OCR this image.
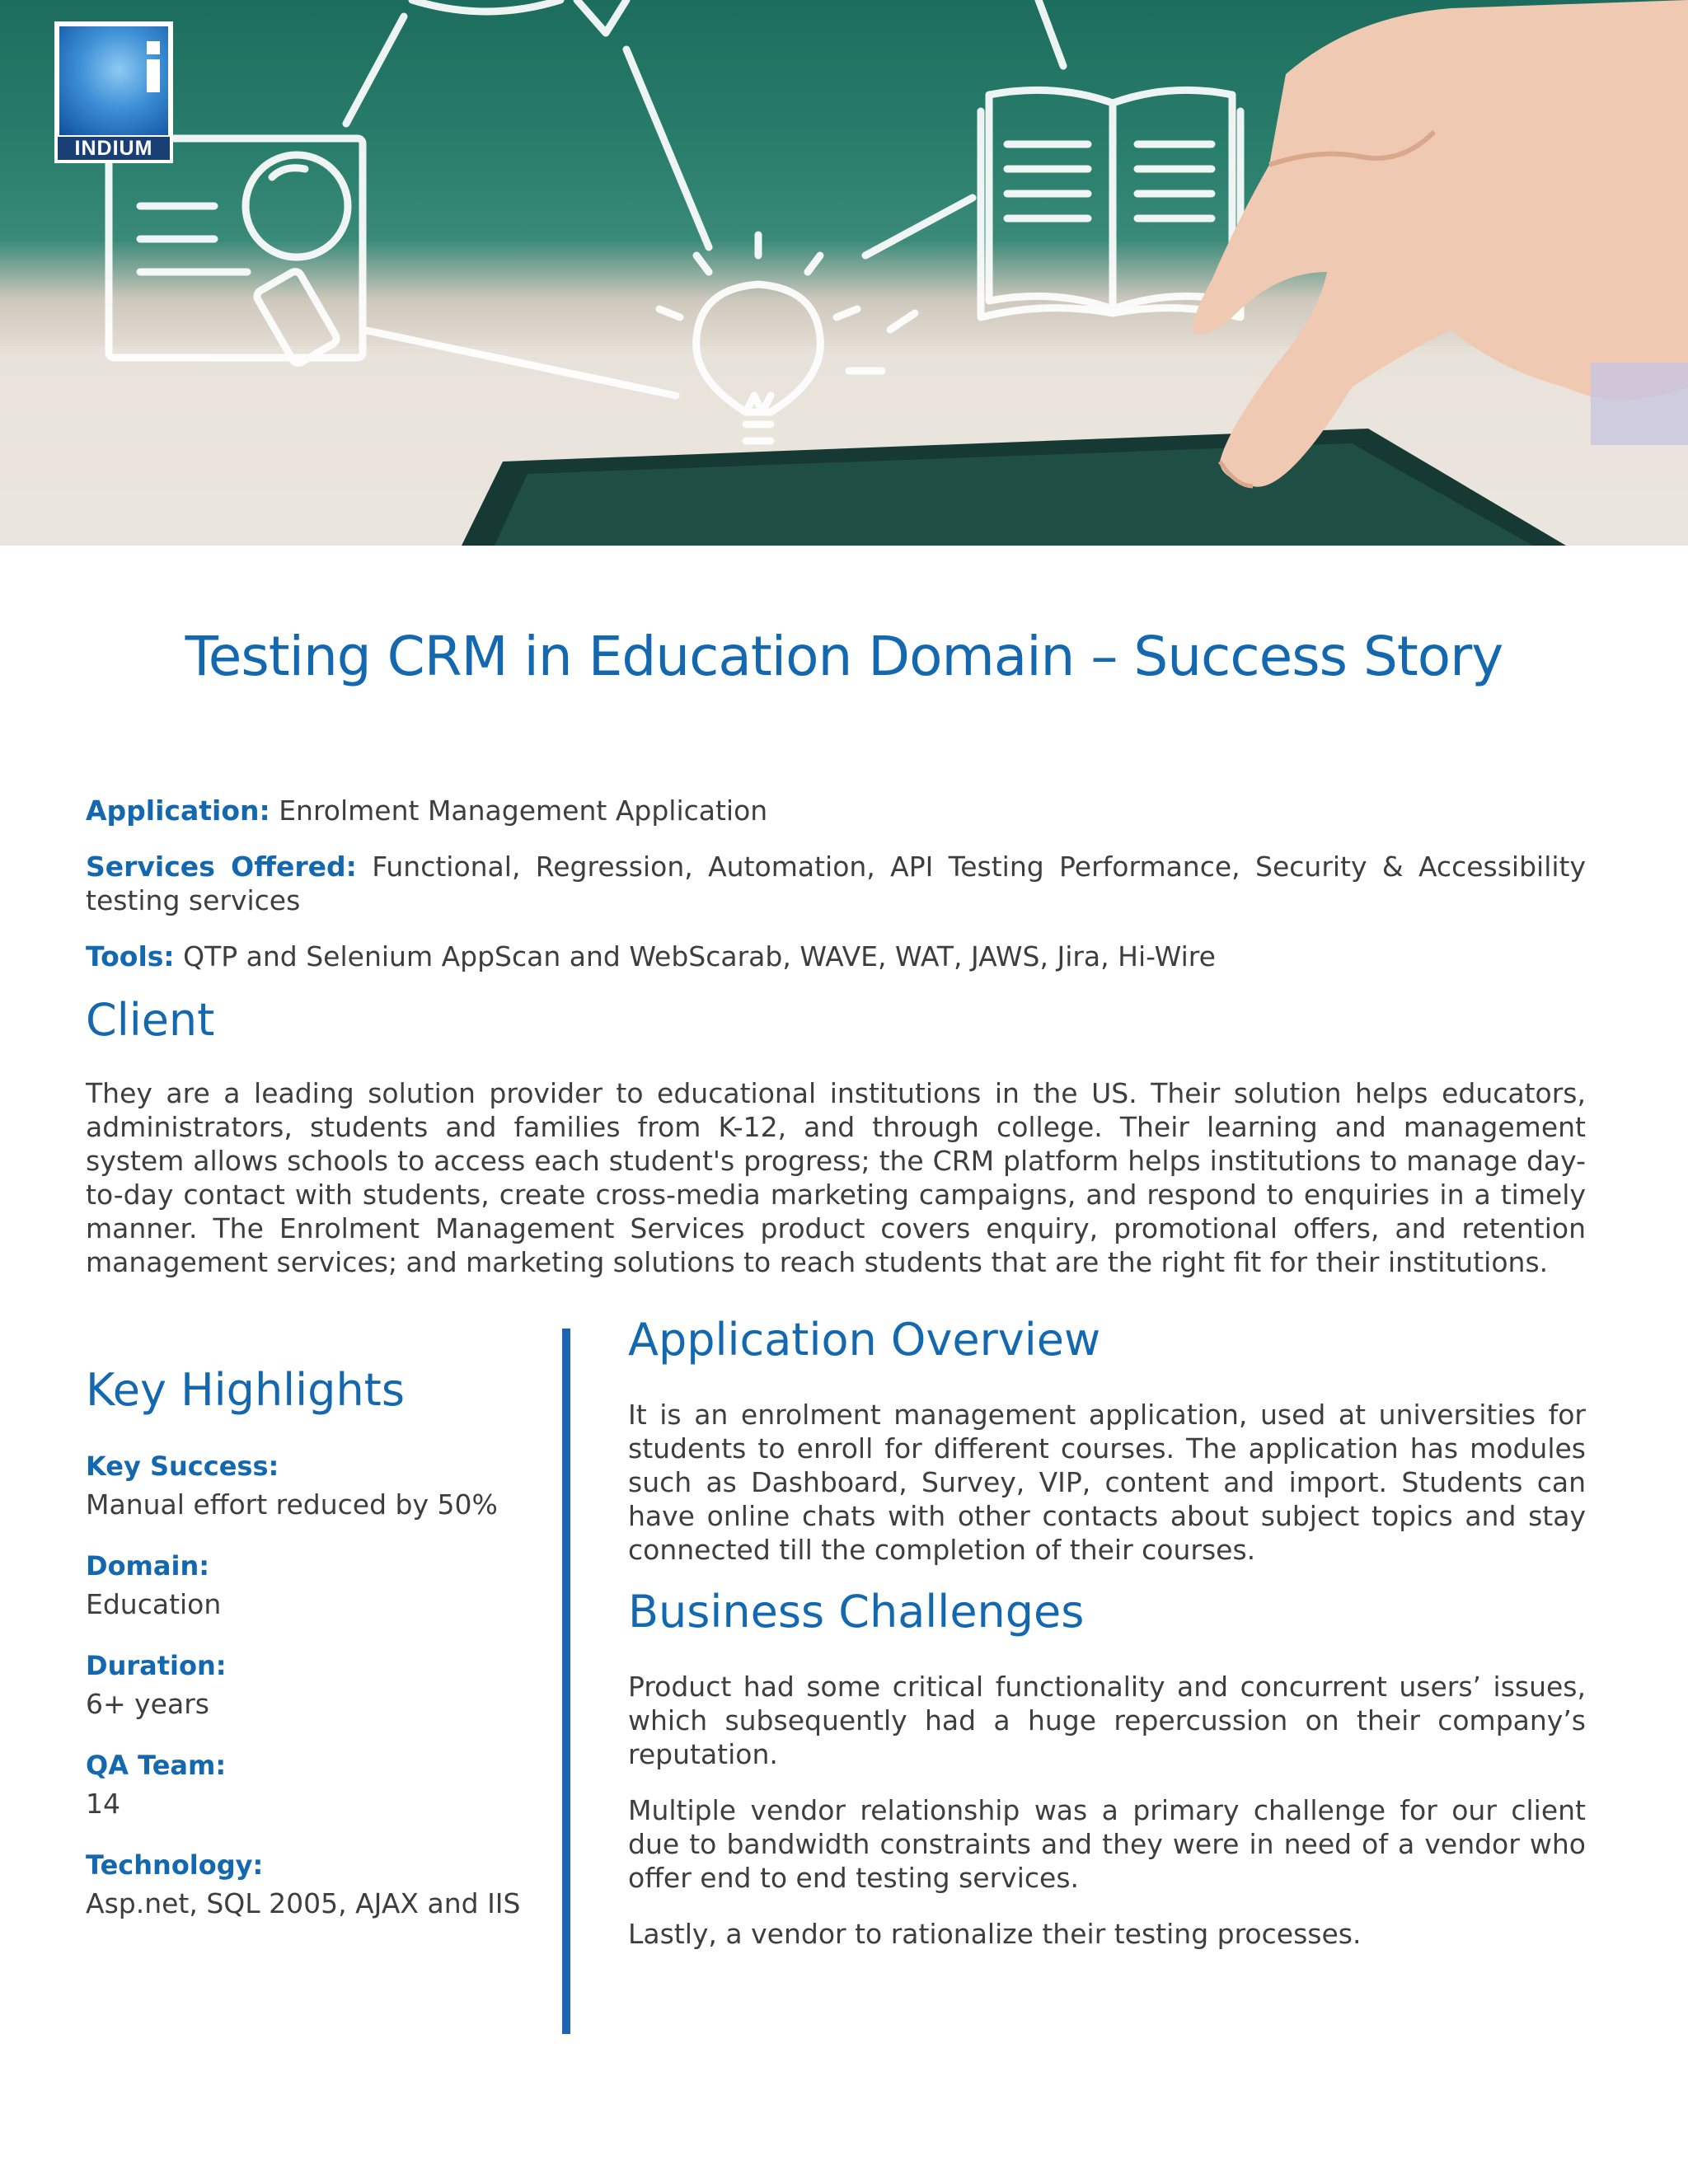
INDIUM
Testing CRM in Education Domain – Success Story
Application: Enrolment Management Application
Services Offered: Functional, Regression, Automation, API Testing Performance, Security & Accessibility testing services
Tools: QTP and Selenium AppScan and WebScarab, WAVE, WAT, JAWS, Jira, Hi-Wire
Client
They are a leading solution provider to educational institutions in the US. Their solution helps educators, administrators, students and families from K-12, and through college. Their learning and management system allows schools to access each student's progress; the CRM platform helps institutions to manage day-to-day contact with students, create cross-media marketing campaigns, and respond to enquiries in a timely manner. The Enrolment Management Services product covers enquiry, promotional offers, and retention management services; and marketing solutions to reach students that are the right fit for their institutions.
Key Highlights
Key Success:
Manual effort reduced by 50%
Domain:
Education
Duration:
6+ years
QA Team:
14
Technology:
Asp.net, SQL 2005, AJAX and IIS
Application Overview
It is an enrolment management application, used at universities for students to enroll for different courses. The application has modules such as Dashboard, Survey, VIP, content and import. Students can have online chats with other contacts about subject topics and stay connected till the completion of their courses.
Business Challenges
Product had some critical functionality and concurrent users’ issues, which subsequently had a huge repercussion on their company’s reputation.
Multiple vendor relationship was a primary challenge for our client due to bandwidth constraints and they were in need of a vendor who offer end to end testing services.
Lastly, a vendor to rationalize their testing processes.
